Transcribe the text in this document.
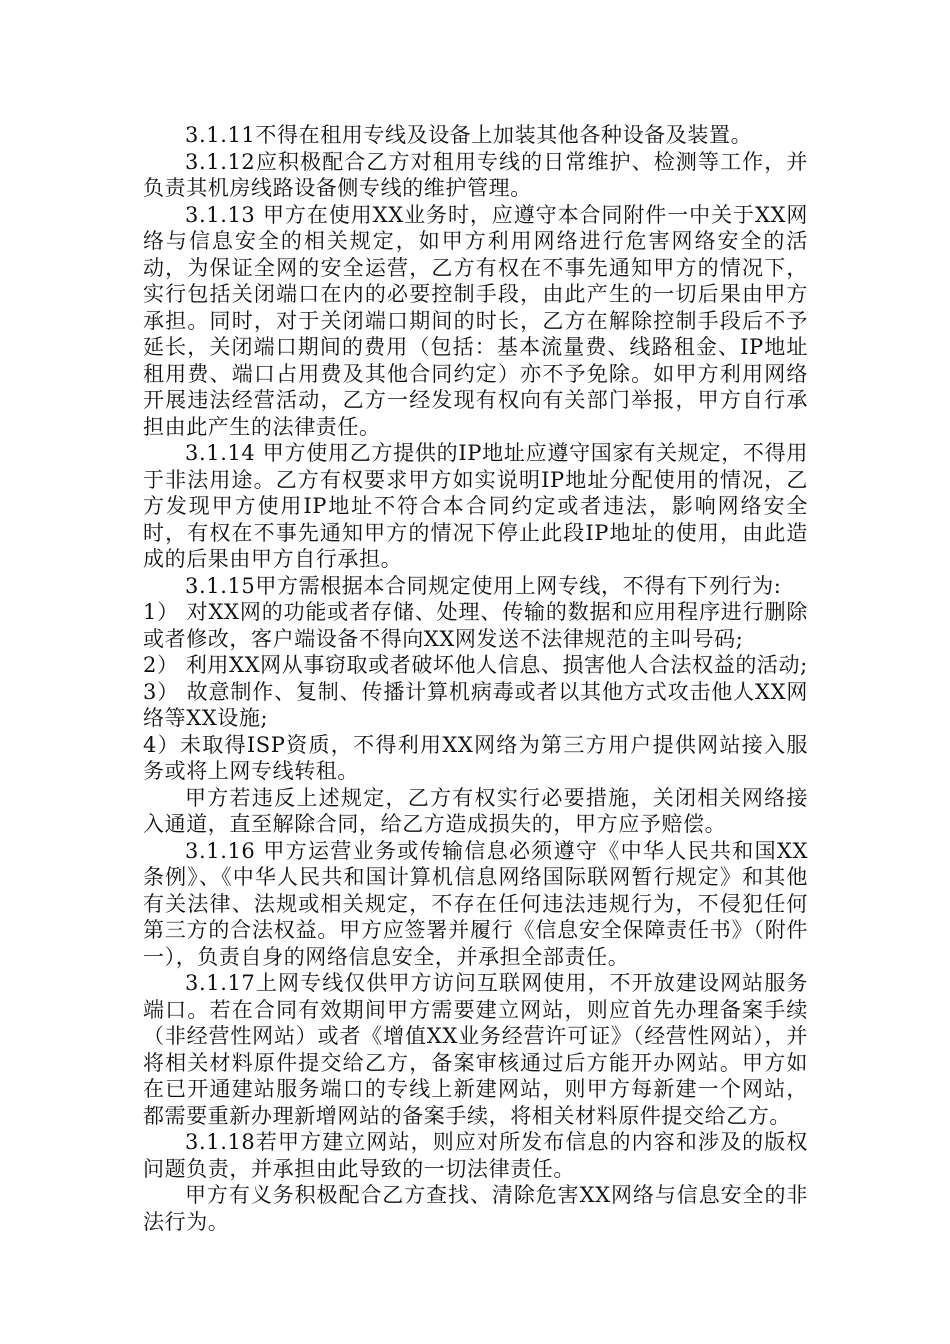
3.1.11不得在租用专线及设备上加装其他各种设备及装置。

3.1.12应积极配合乙方对租用专线的日常维护、检测等工作，并负责其机房线路设备侧专线的维护管理。

3.1.13 甲方在使用XX业务时，应遵守本合同附件一中关于XX网络与信息安全的相关规定，如甲方利用网络进行危害网络安全的活动，为保证全网的安全运营，乙方有权在不事先通知甲方的情况下，实行包括关闭端口在内的必要控制手段，由此产生的一切后果由甲方承担。同时，对于关闭端口期间的时长，乙方在解除控制手段后不予延长，关闭端口期间的费用（包括：基本流量费、线路租金、IP地址租用费、端口占用费及其他合同约定）亦不予免除。如甲方利用网络开展违法经营活动，乙方一经发现有权向有关部门举报，甲方自行承担由此产生的法律责任。

3.1.14 甲方使用乙方提供的IP地址应遵守国家有关规定，不得用于非法用途。乙方有权要求甲方如实说明IP地址分配使用的情况，乙方发现甲方使用IP地址不符合本合同约定或者违法，影响网络安全时，有权在不事先通知甲方的情况下停止此段IP地址的使用，由此造成的后果由甲方自行承担。

3.1.15甲方需根据本合同规定使用上网专线，不得有下列行为:

1） 对XX网的功能或者存储、处理、传输的数据和应用程序进行删除或者修改，客户端设备不得向XX网发送不法律规范的主叫号码;

2） 利用XX网从事窃取或者破坏他人信息、损害他人合法权益的活动;

3） 故意制作、复制、传播计算机病毒或者以其他方式攻击他人XX网络等XX设施;

4）未取得ISP资质，不得利用XX网络为第三方用户提供网站接入服务或将上网专线转租。

甲方若违反上述规定，乙方有权实行必要措施，关闭相关网络接入通道，直至解除合同，给乙方造成损失的，甲方应予赔偿。

3.1.16 甲方运营业务或传输信息必须遵守《中华人民共和国XX条例》、《中华人民共和国计算机信息网络国际联网暂行规定》和其他有关法律、法规或相关规定，不存在任何违法违规行为，不侵犯任何第三方的合法权益。甲方应签署并履行《信息安全保障责任书》（附件一），负责自身的网络信息安全，并承担全部责任。

3.1.17上网专线仅供甲方访问互联网使用，不开放建设网站服务端口。若在合同有效期间甲方需要建立网站，则应首先办理备案手续（非经营性网站）或者《增值XX业务经营许可证》（经营性网站），并将相关材料原件提交给乙方，备案审核通过后方能开办网站。甲方如在已开通建站服务端口的专线上新建网站，则甲方每新建一个网站，都需要重新办理新增网站的备案手续，将相关材料原件提交给乙方。

3.1.18若甲方建立网站，则应对所发布信息的内容和涉及的版权问题负责，并承担由此导致的一切法律责任。

甲方有义务积极配合乙方查找、清除危害XX网络与信息安全的非法行为。
